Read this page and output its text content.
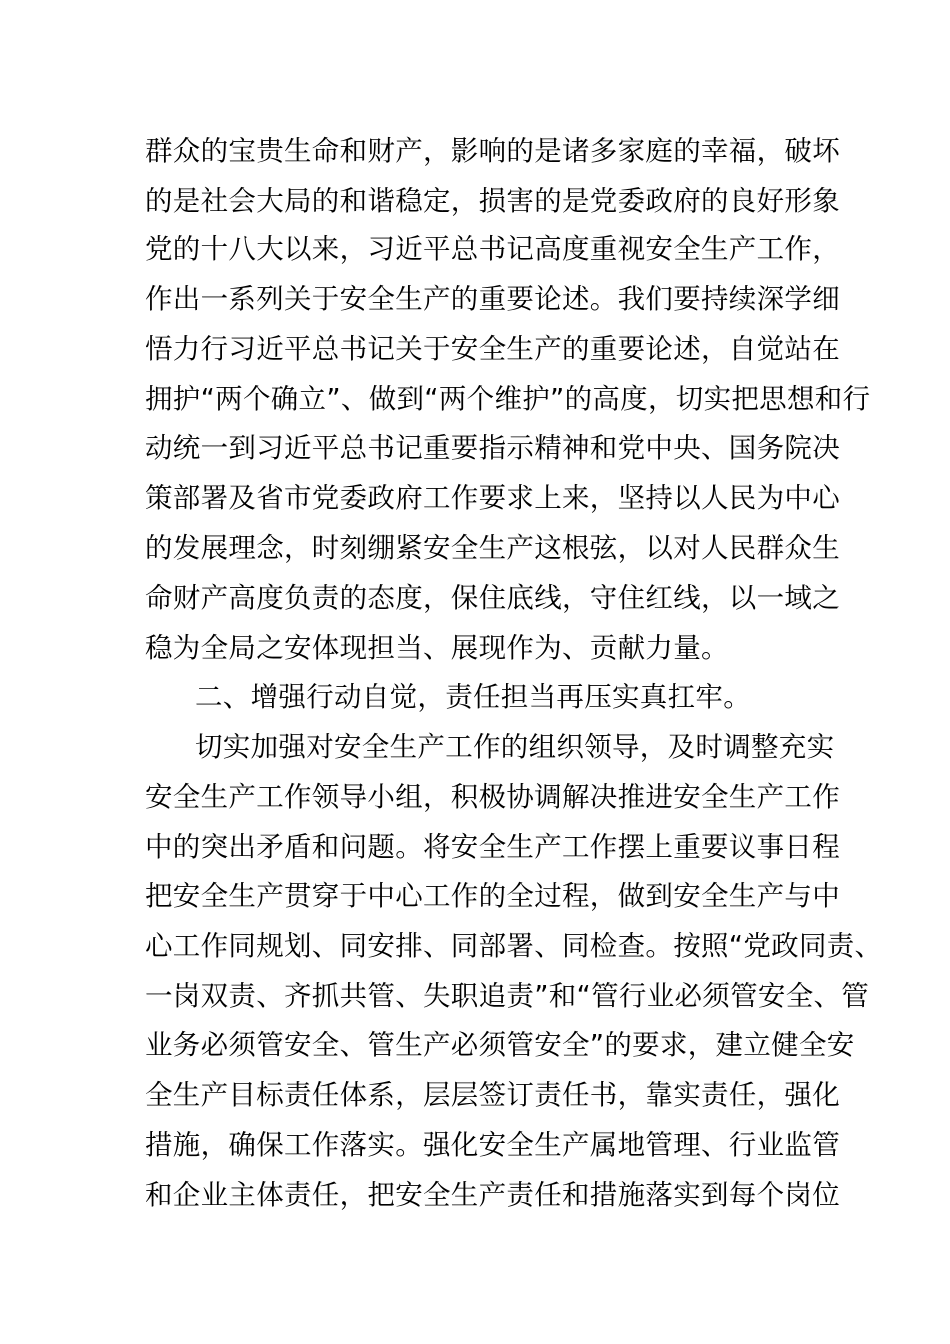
群众的宝贵生命和财产，影响的是诸多家庭的幸福，破坏
的是社会大局的和谐稳定，损害的是党委政府的良好形象
党的十八大以来，习近平总书记高度重视安全生产工作，
作出一系列关于安全生产的重要论述。我们要持续深学细
悟力行习近平总书记关于安全生产的重要论述，自觉站在
拥护“两个确立”、做到“两个维护”的高度，切实把思想和行
动统一到习近平总书记重要指示精神和党中央、国务院决
策部署及省市党委政府工作要求上来，坚持以人民为中心
的发展理念，时刻绷紧安全生产这根弦，以对人民群众生
命财产高度负责的态度，保住底线，守住红线，以一域之
稳为全局之安体现担当、展现作为、贡献力量。
二、增强行动自觉，责任担当再压实真扛牢。
切实加强对安全生产工作的组织领导，及时调整充实
安全生产工作领导小组，积极协调解决推进安全生产工作
中的突出矛盾和问题。将安全生产工作摆上重要议事日程
把安全生产贯穿于中心工作的全过程，做到安全生产与中
心工作同规划、同安排、同部署、同检查。按照“党政同责、
一岗双责、齐抓共管、失职追责”和“管行业必须管安全、管
业务必须管安全、管生产必须管安全”的要求，建立健全安
全生产目标责任体系，层层签订责任书，靠实责任，强化
措施，确保工作落实。强化安全生产属地管理、行业监管
和企业主体责任，把安全生产责任和措施落实到每个岗位
